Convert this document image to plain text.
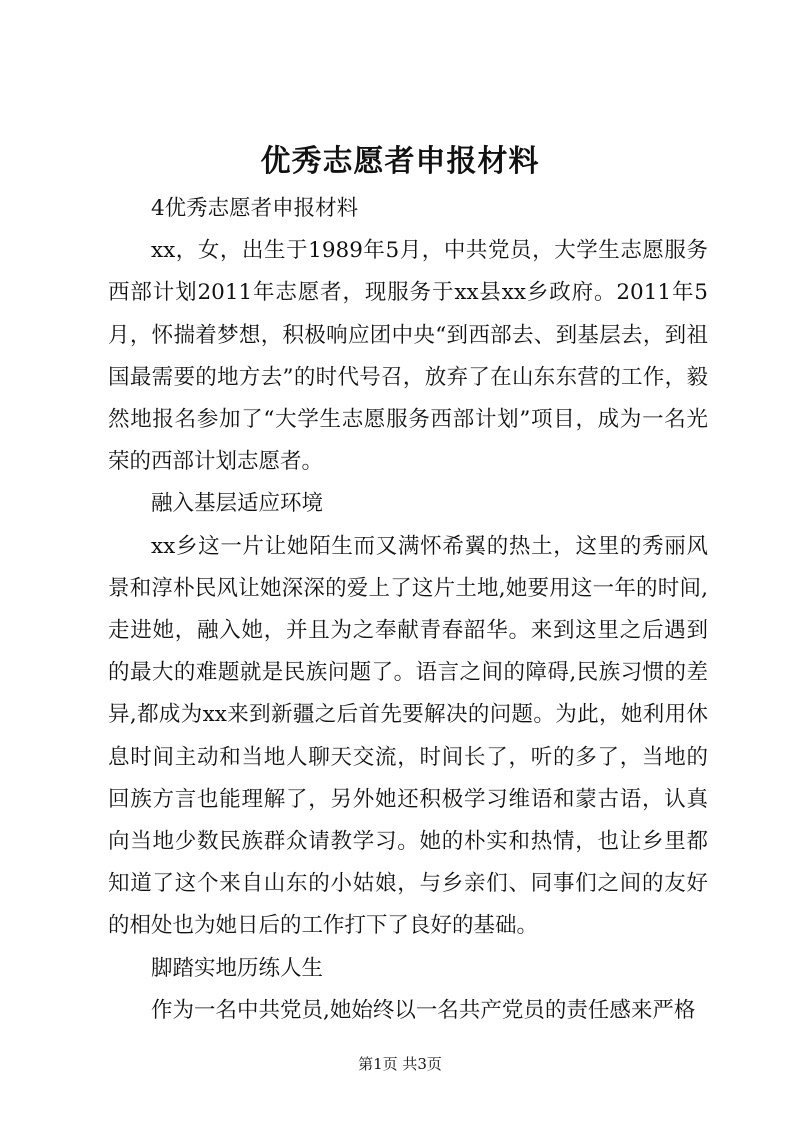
优秀志愿者申报材料

4优秀志愿者申报材料

xx，女，出生于1989年5月，中共党员，大学生志愿服务西部计划2011年志愿者，现服务于xx县xx乡政府。2011年5月，怀揣着梦想，积极响应团中央“到西部去、到基层去，到祖国最需要的地方去”的时代号召，放弃了在山东东营的工作，毅然地报名参加了“大学生志愿服务西部计划”项目，成为一名光荣的西部计划志愿者。

融入基层适应环境

xx乡这一片让她陌生而又满怀希翼的热土，这里的秀丽风景和淳朴民风让她深深的爱上了这片土地,她要用这一年的时间,走进她，融入她，并且为之奉献青春韶华。来到这里之后遇到的最大的难题就是民族问题了。语言之间的障碍,民族习惯的差异,都成为xx来到新疆之后首先要解决的问题。为此，她利用休息时间主动和当地人聊天交流，时间长了，听的多了，当地的回族方言也能理解了，另外她还积极学习维语和蒙古语，认真向当地少数民族群众请教学习。她的朴实和热情，也让乡里都知道了这个来自山东的小姑娘，与乡亲们、同事们之间的友好的相处也为她日后的工作打下了良好的基础。

脚踏实地历练人生

作为一名中共党员,她始终以一名共产党员的责任感来严格

第1页 共3页
